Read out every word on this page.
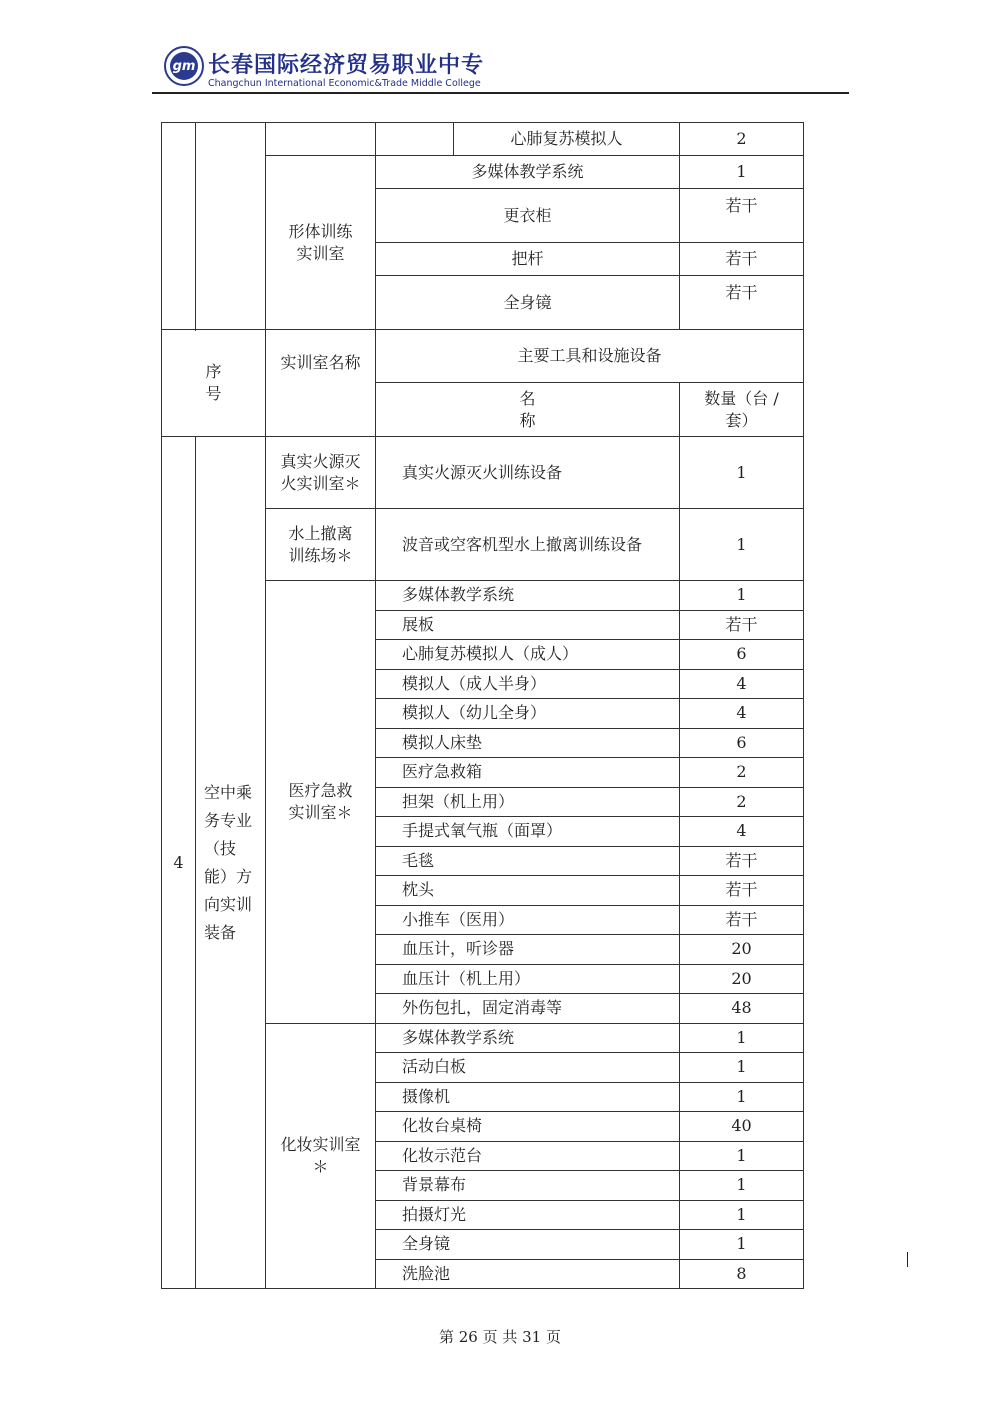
gm 长春国际经济贸易职业中专
Changchun International Economic&Trade Middle College
				心肺复苏模拟人	2
		形体训练实训室	多媒体教学系统		1
			更衣柜		若干
			把杆		若干
			全身镜		若干

序号		实训室名称	主要工具和设施设备		
			名称		数量（台 / 套）
4	空中乘务专业（技能）方向实训装备	真实火源灭火实训室＊	真实火源灭火训练设备		1
		水上撤离训练场＊	波音或空客机型水上撤离训练设备		1
		医疗急救实训室＊	多媒体教学系统		1
			展板		若干
			心肺复苏模拟人（成人）		6
			模拟人（成人半身）		4
			模拟人（幼儿全身）		4
			模拟人床垫		6
			医疗急救箱		2
			担架（机上用）		2
			手提式氧气瓶（面罩）		4
			毛毯		若干
			枕头		若干
			小推车（医用）		若干
			血压计，听诊器		20
			血压计（机上用）		20
			外伤包扎，固定消毒等		48
		化妆实训室＊	多媒体教学系统		1
			活动白板		1
			摄像机		1
			化妆台桌椅		40
			化妆示范台		1
			背景幕布		1
			拍摄灯光		1
			全身镜		1
			洗脸池		8
第 26 页 共 31 页
